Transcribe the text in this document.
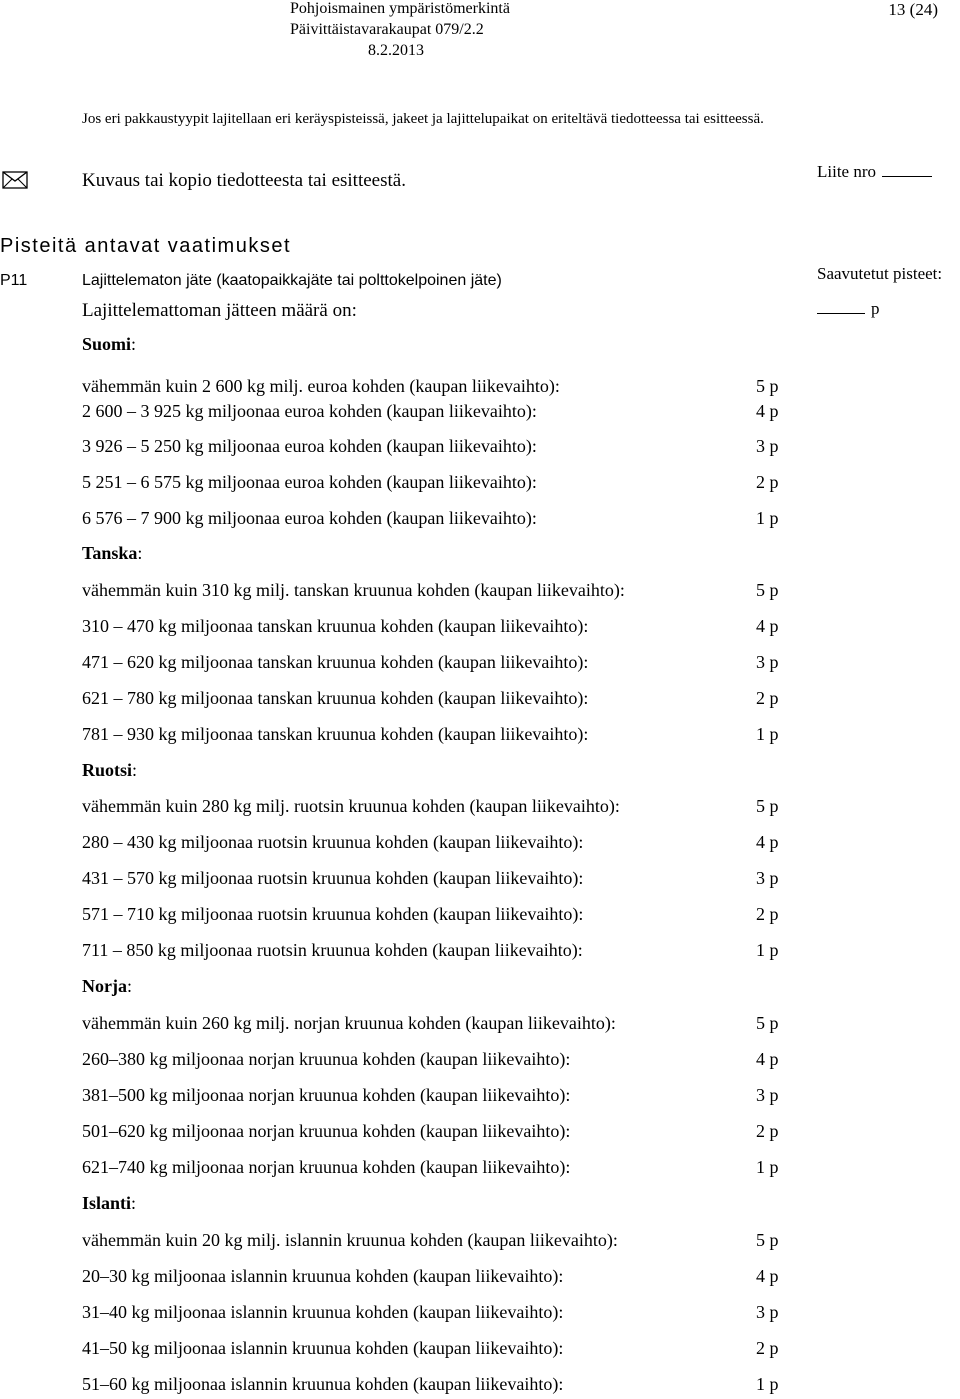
Pohjoismainen ympäristömerkintä
Päivittäistavarakaupat 079/2.2
8.2.2013
13 (24)
Jos eri pakkaustyypit lajitellaan eri keräyspisteissä, jakeet ja lajittelupaikat on eriteltävä tiedotteessa tai esitteessä.
Kuvaus tai kopio tiedotteesta tai esitteestä.	Liite nro
Pisteitä antavat vaatimukset
P11	Lajittelematon jäte (kaatopaikkajäte tai polttokelpoinen jäte)	Saavutetut pisteet:
p
Lajittelemattoman jätteen määrä on:
Suomi:
vähemmän kuin 2 600 kg milj. euroa kohden (kaupan liikevaihto):	5 p
2 600 – 3 925 kg miljoonaa euroa kohden (kaupan liikevaihto):	4 p
3 926 – 5 250 kg miljoonaa euroa kohden (kaupan liikevaihto):	3 p
5 251 – 6 575 kg miljoonaa euroa kohden (kaupan liikevaihto):	2 p
6 576 – 7 900 kg miljoonaa euroa kohden (kaupan liikevaihto):	1 p
Tanska:
vähemmän kuin 310 kg milj. tanskan kruunua kohden (kaupan liikevaihto):	5 p
310 – 470 kg miljoonaa tanskan kruunua kohden (kaupan liikevaihto):	4 p
471 – 620 kg miljoonaa tanskan kruunua kohden (kaupan liikevaihto):	3 p
621 – 780 kg miljoonaa tanskan kruunua kohden (kaupan liikevaihto):	2 p
781 – 930 kg miljoonaa tanskan kruunua kohden (kaupan liikevaihto):	1 p
Ruotsi:
vähemmän kuin 280 kg milj. ruotsin kruunua kohden (kaupan liikevaihto):	5 p
280 – 430 kg miljoonaa ruotsin kruunua kohden (kaupan liikevaihto):	4 p
431 – 570 kg miljoonaa ruotsin kruunua kohden (kaupan liikevaihto):	3 p
571 – 710 kg miljoonaa ruotsin kruunua kohden (kaupan liikevaihto):	2 p
711 – 850 kg miljoonaa ruotsin kruunua kohden (kaupan liikevaihto):	1 p
Norja:
vähemmän kuin 260 kg milj. norjan kruunua kohden (kaupan liikevaihto):	5 p
260–380 kg miljoonaa norjan kruunua kohden (kaupan liikevaihto):	4 p
381–500 kg miljoonaa norjan kruunua kohden (kaupan liikevaihto):	3 p
501–620 kg miljoonaa norjan kruunua kohden (kaupan liikevaihto):	2 p
621–740 kg miljoonaa norjan kruunua kohden (kaupan liikevaihto):	1 p
Islanti:
vähemmän kuin 20 kg milj. islannin kruunua kohden (kaupan liikevaihto):	5 p
20–30 kg miljoonaa islannin kruunua kohden (kaupan liikevaihto):	4 p
31–40 kg miljoonaa islannin kruunua kohden (kaupan liikevaihto):	3 p
41–50 kg miljoonaa islannin kruunua kohden (kaupan liikevaihto):	2 p
51–60 kg miljoonaa islannin kruunua kohden (kaupan liikevaihto):	1 p
